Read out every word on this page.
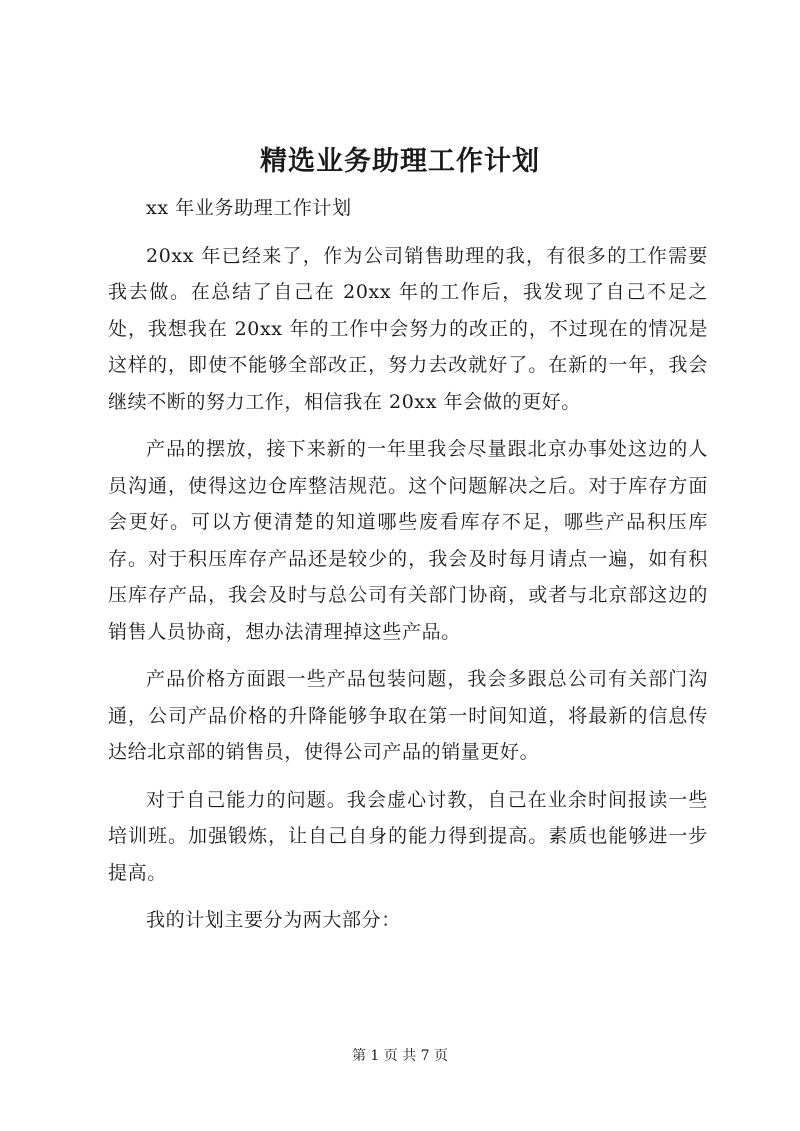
精选业务助理工作计划

xx 年业务助理工作计划

20xx 年已经来了，作为公司销售助理的我，有很多的工作需要我去做。在总结了自己在 20xx 年的工作后，我发现了自己不足之处，我想我在 20xx 年的工作中会努力的改正的，不过现在的情况是这样的，即使不能够全部改正，努力去改就好了。在新的一年，我会继续不断的努力工作，相信我在 20xx 年会做的更好。

产品的摆放，接下来新的一年里我会尽量跟北京办事处这边的人员沟通，使得这边仓库整洁规范。这个问题解决之后。对于库存方面会更好。可以方便清楚的知道哪些废看库存不足，哪些产品积压库存。对于积压库存产品还是较少的，我会及时每月请点一遍，如有积压库存产品，我会及时与总公司有关部门协商，或者与北京部这边的销售人员协商，想办法清理掉这些产品。

产品价格方面跟一些产品包装问题，我会多跟总公司有关部门沟通，公司产品价格的升降能够争取在第一时间知道，将最新的信息传达给北京部的销售员，使得公司产品的销量更好。

对于自己能力的问题。我会虚心讨教，自己在业余时间报读一些培训班。加强锻炼，让自己自身的能力得到提高。素质也能够进一步提高。

我的计划主要分为两大部分：

第 1 页 共 7 页
